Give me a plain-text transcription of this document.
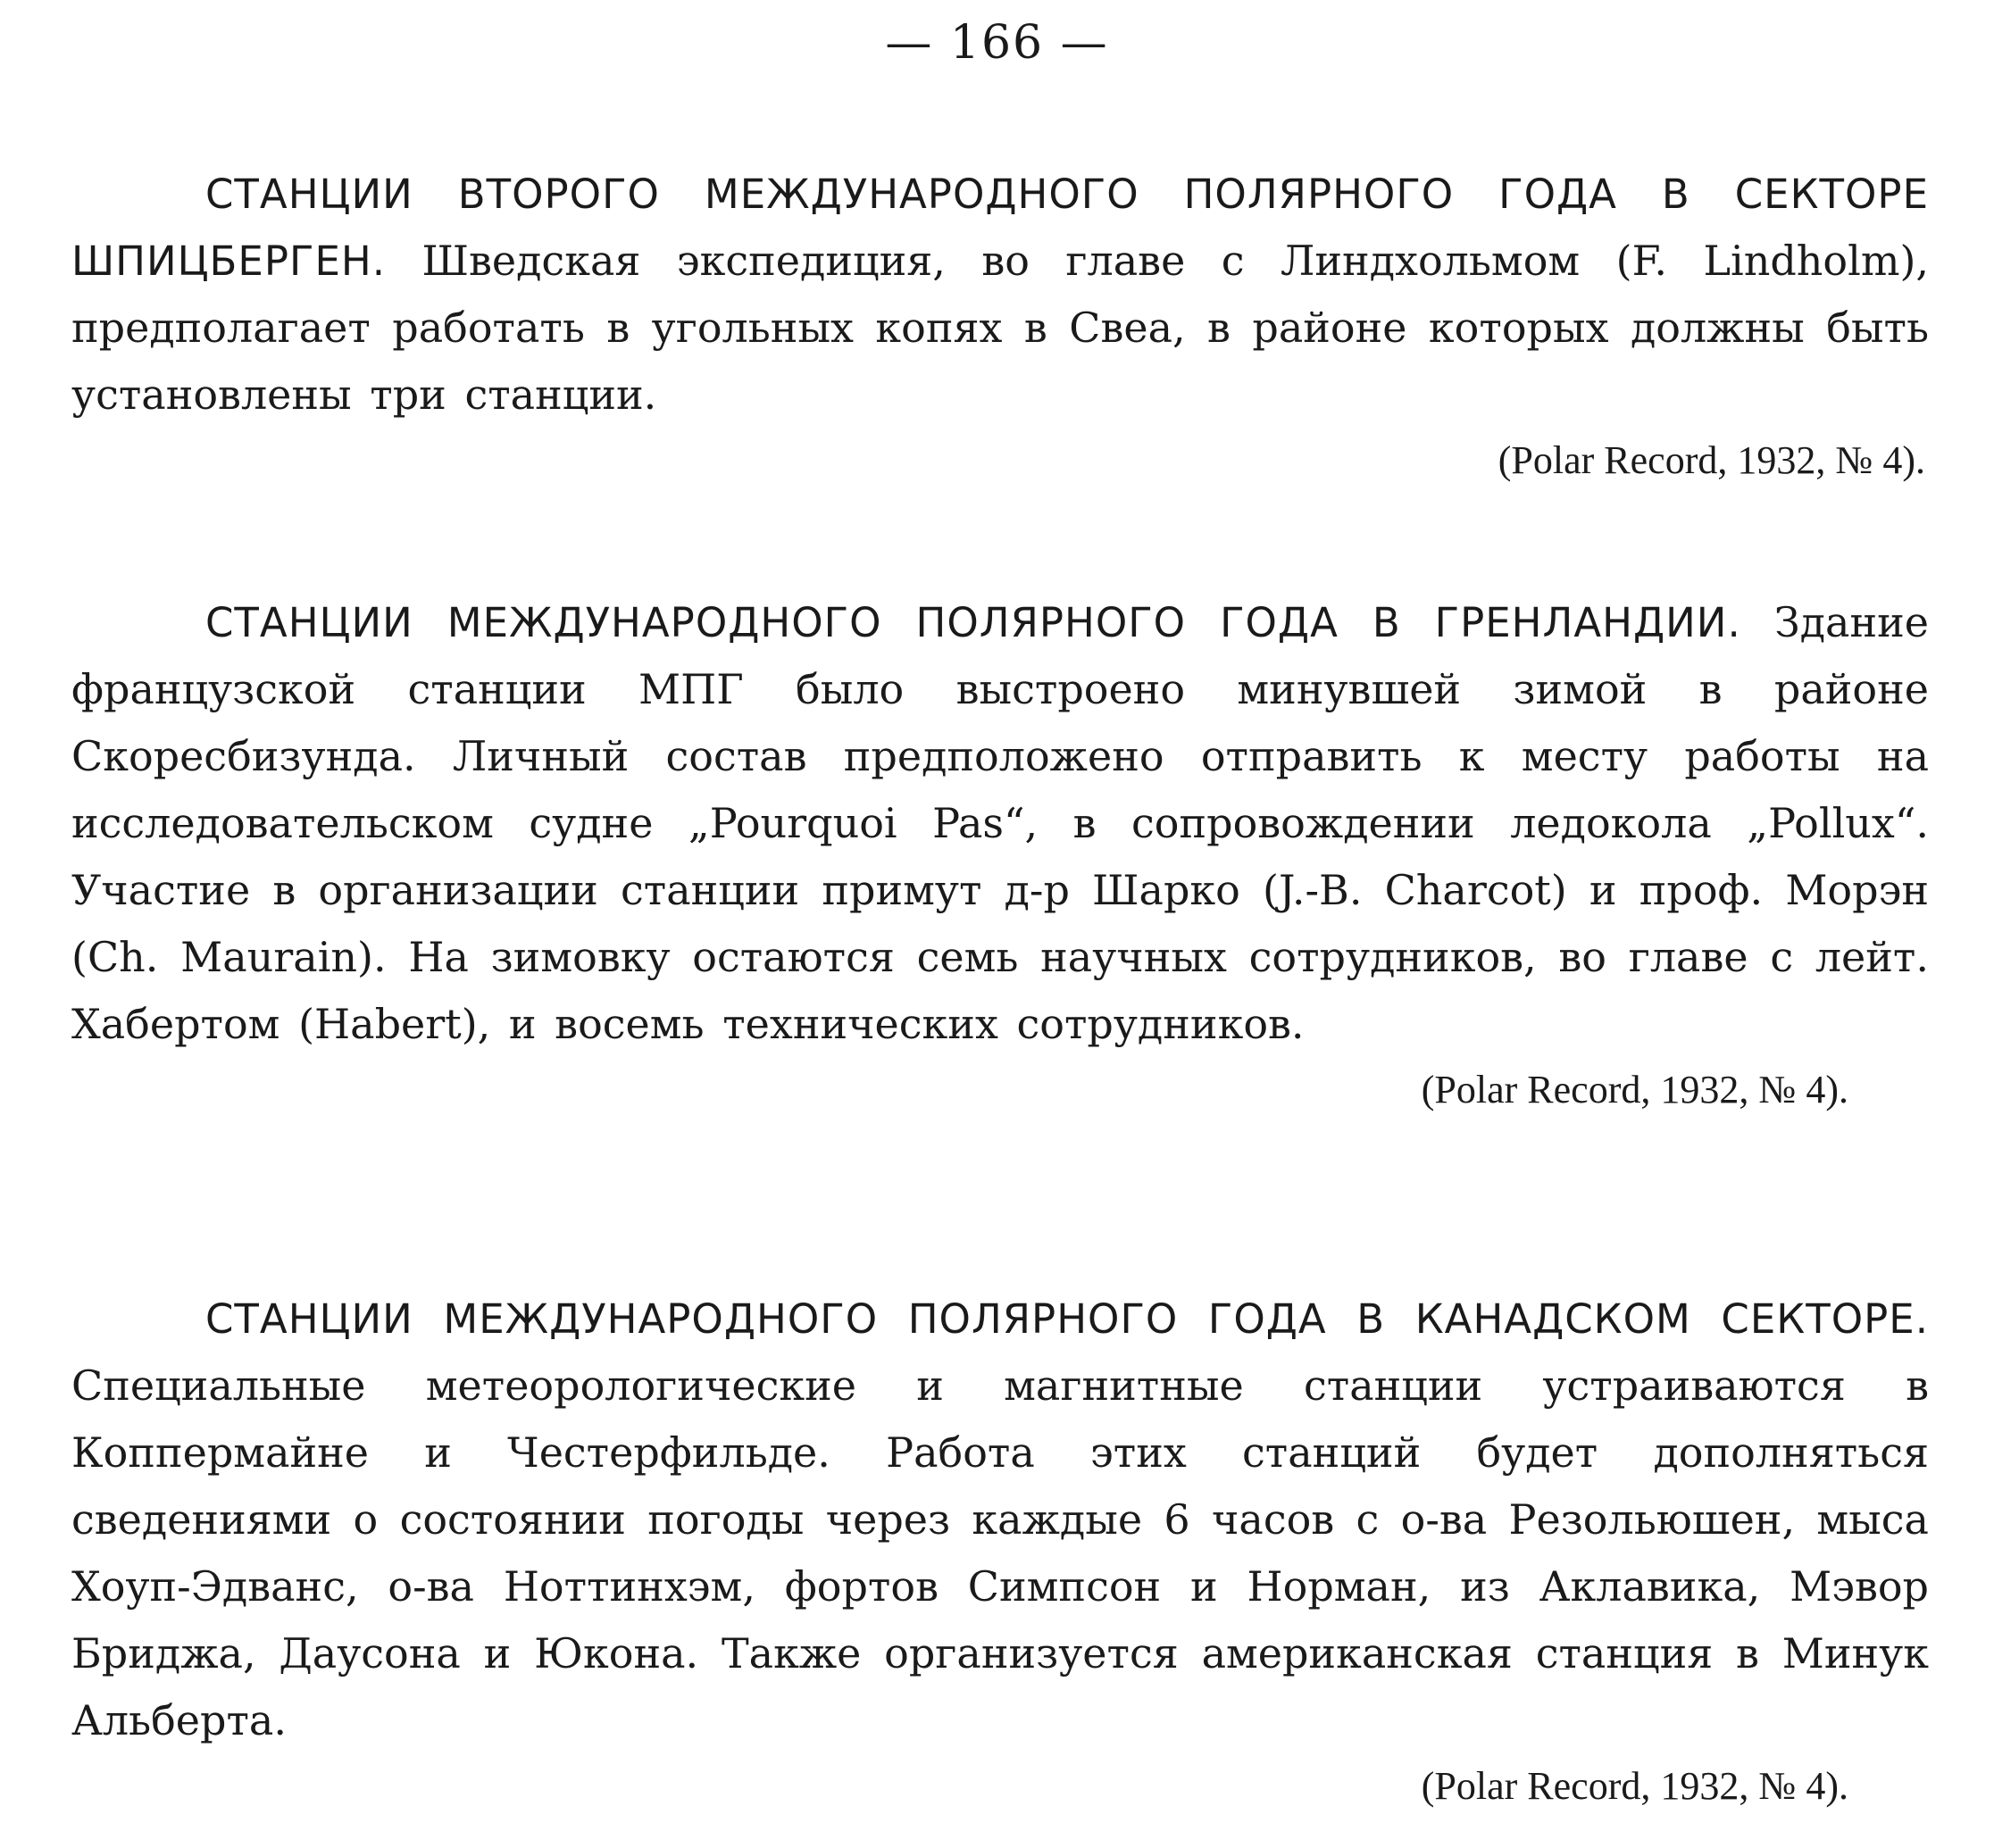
— 166 —

СТАНЦИИ ВТОРОГО МЕЖДУНАРОДНОГО ПОЛЯРНОГО ГОДА В СЕКТОРЕ ШПИЦБЕРГЕН. Шведская экспедиция, во главе с Линдхольмом (F. Lindholm), предполагает работать в угольных копях в Свеа, в районе которых должны быть установлены три станции.

(Polar Record, 1932, № 4).

СТАНЦИИ МЕЖДУНАРОДНОГО ПОЛЯРНОГО ГОДА В ГРЕНЛАНДИИ. Здание французской станции МПГ было выстроено минувшей зимой в районе Скоресбизунда. Личный состав предположено отправить к месту работы на исследовательском судне „Pourquoi Pas“, в сопровождении ледокола „Pollux“. Участие в организации станции примут д-р Шарко (J.-B. Charcot) и проф. Морэн (Ch. Maurain). На зимовку остаются семь научных сотрудников, во главе с лейт. Хабертом (Habert), и восемь технических сотрудников.

(Polar Record, 1932, № 4).

СТАНЦИИ МЕЖДУНАРОДНОГО ПОЛЯРНОГО ГОДА В КАНАДСКОМ СЕКТОРЕ. Специальные метеорологические и магнитные станции устраиваются в Коппермайне и Честерфильде. Работа этих станций будет дополняться сведениями о состоянии погоды через каждые 6 часов с о-ва Резольюшен, мыса Хоуп-Эдванс, о-ва Ноттинхэм, фортов Симпсон и Норман, из Аклавика, Мэвор Бриджа, Даусона и Юкона. Также организуется американская станция в Минук Альберта.

(Polar Record, 1932, № 4).
